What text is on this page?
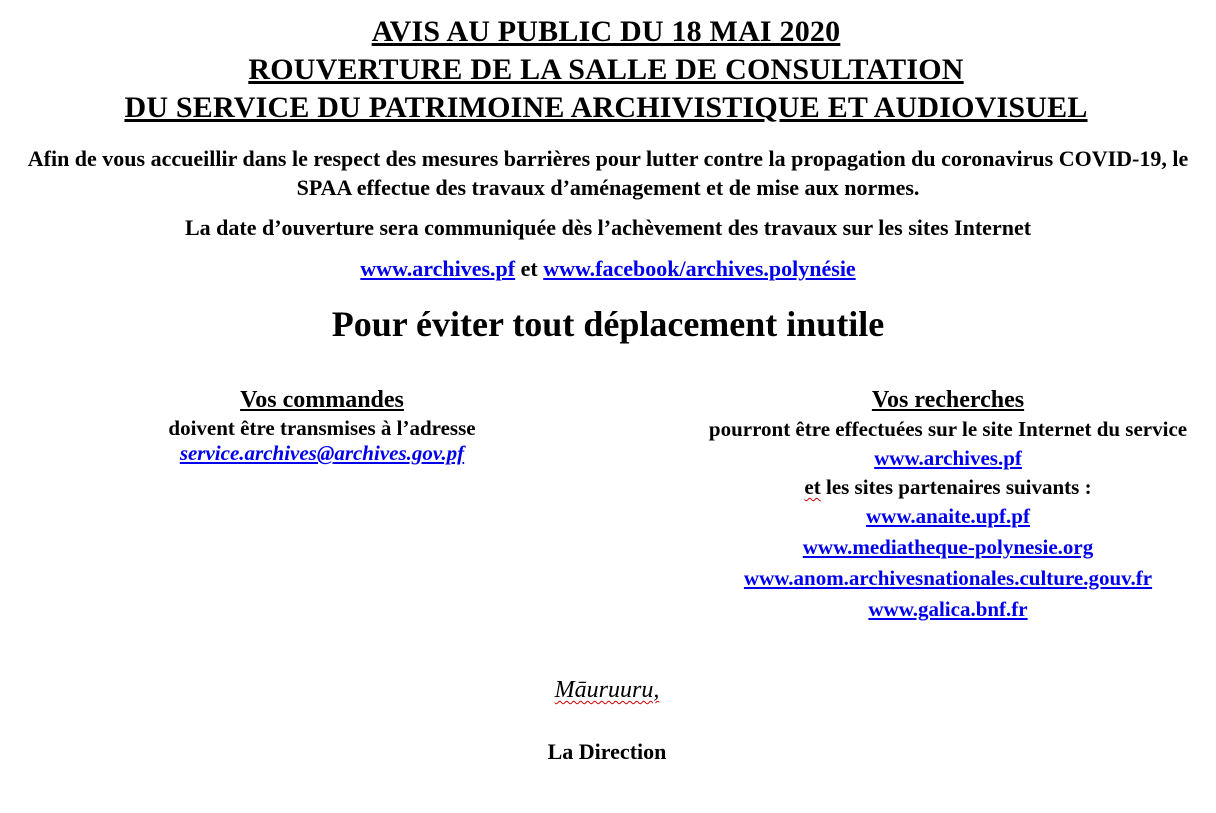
AVIS AU PUBLIC DU 18 MAI 2020
ROUVERTURE DE LA SALLE DE CONSULTATION
DU SERVICE DU PATRIMOINE ARCHIVISTIQUE ET AUDIOVISUEL
Afin de vous accueillir dans le respect des mesures barrières pour lutter contre la propagation du coronavirus COVID-19, le SPAA effectue des travaux d’aménagement et de mise aux normes.
La date d’ouverture sera communiquée dès l’achèvement des travaux sur les sites Internet
www.archives.pf et www.facebook/archives.polynésie
Pour éviter tout déplacement inutile
Vos commandes
doivent être transmises à l’adresse
service.archives@archives.gov.pf
Vos recherches
pourront être effectuées sur le site Internet du service
www.archives.pf
et les sites partenaires suivants :
www.anaite.upf.pf
www.mediatheque-polynesie.org
www.anom.archivesnationales.culture.gouv.fr
www.galica.bnf.fr
Māuruuru,
La Direction
